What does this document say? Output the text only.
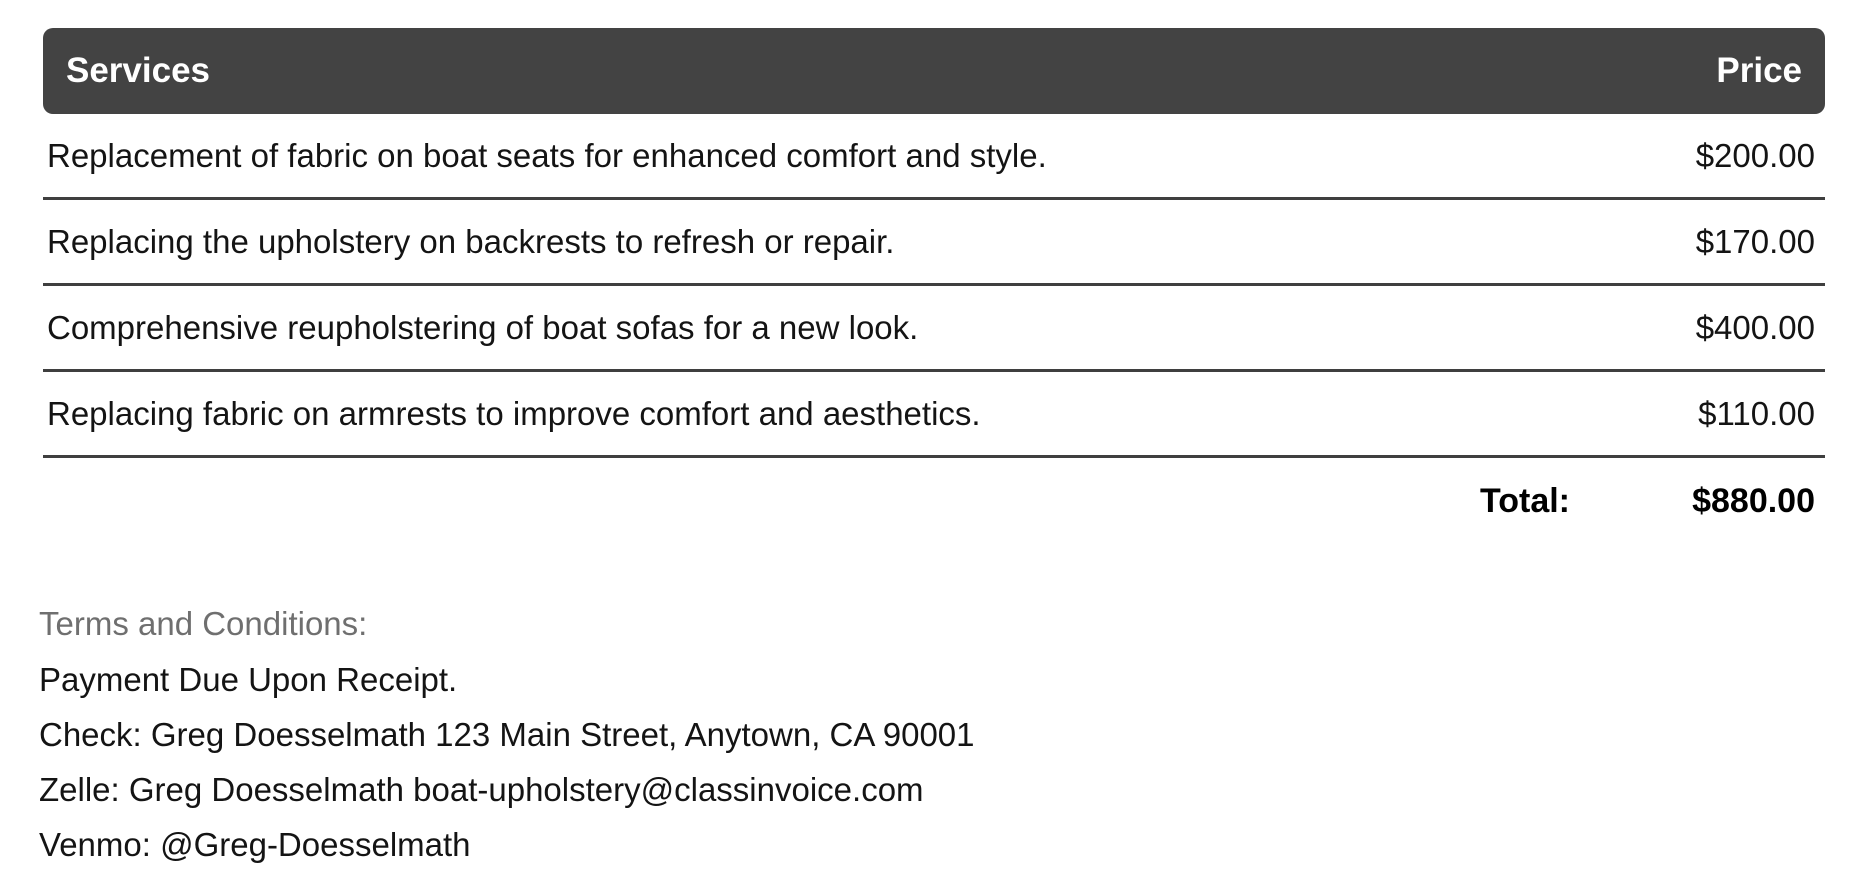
Services	Price
Replacement of fabric on boat seats for enhanced comfort and style.	$200.00
Replacing the upholstery on backrests to refresh or repair.	$170.00
Comprehensive reupholstering of boat sofas for a new look.	$400.00
Replacing fabric on armrests to improve comfort and aesthetics.	$110.00
Total:	$880.00
Terms and Conditions:
Payment Due Upon Receipt.
Check: Greg Doesselmath 123 Main Street, Anytown, CA 90001
Zelle: Greg Doesselmath boat-upholstery@classinvoice.com
Venmo: @Greg-Doesselmath
